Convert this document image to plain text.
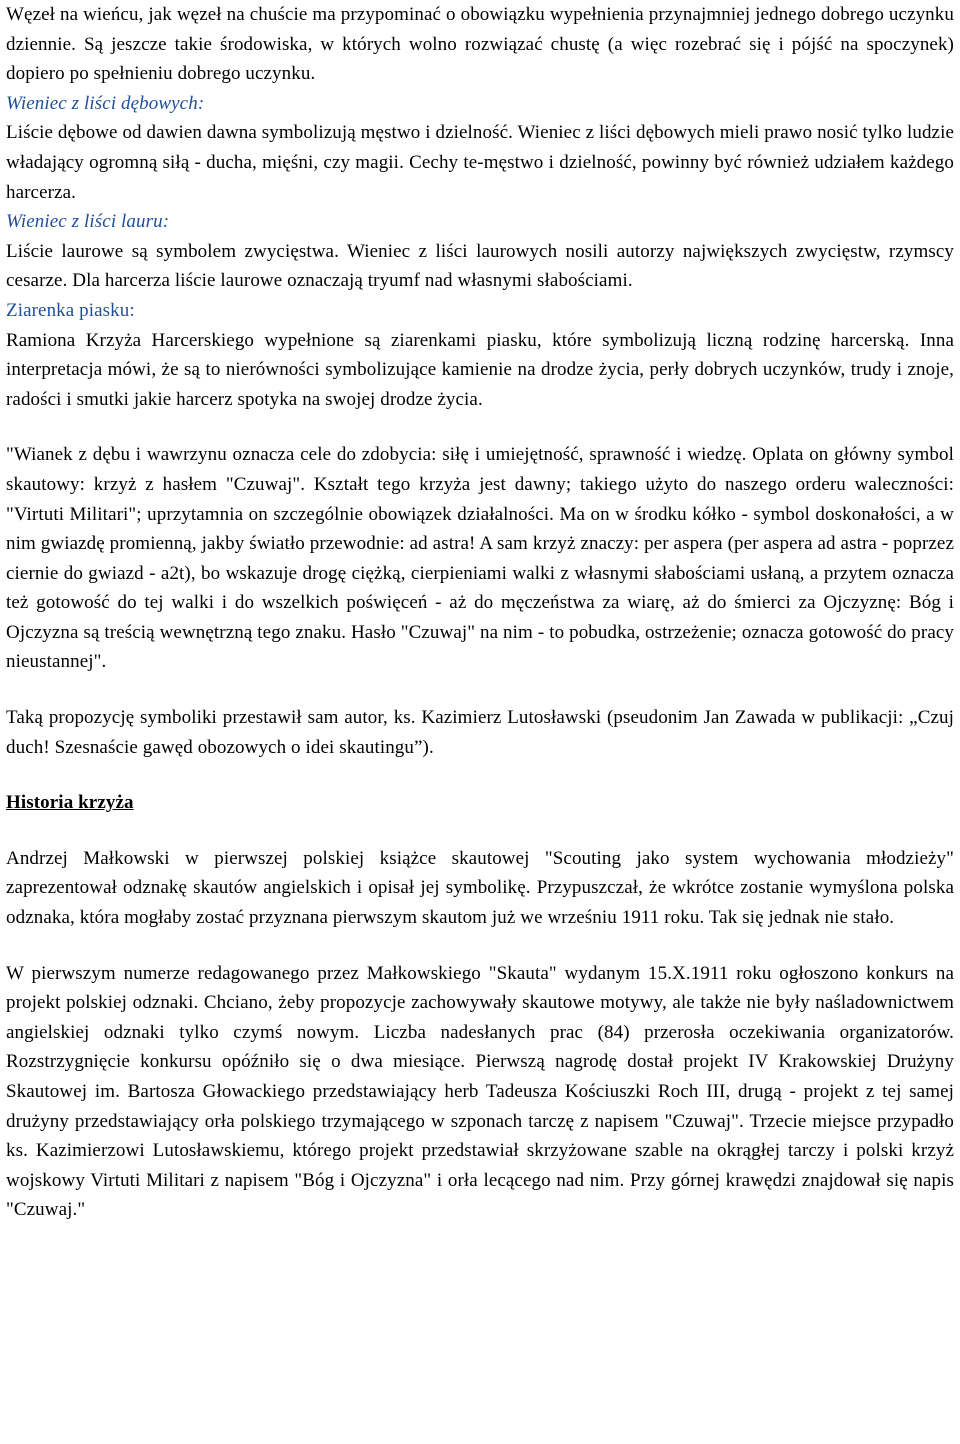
Węzeł na wieńcu, jak węzeł na chuście ma przypominać o obowiązku wypełnienia przynajmniej jednego dobrego uczynku dziennie. Są jeszcze takie środowiska, w których wolno rozwiązać chustę (a więc rozebrać się i pójść na spoczynek) dopiero po spełnieniu dobrego uczynku.

Wieniec z liści dębowych:

Liście dębowe od dawien dawna symbolizują męstwo i dzielność. Wieniec z liści dębowych mieli prawo nosić tylko ludzie władający ogromną siłą - ducha, mięśni, czy magii. Cechy te-męstwo i dzielność, powinny być również udziałem każdego harcerza.

Wieniec z liści lauru:

Liście laurowe są symbolem zwycięstwa. Wieniec z liści laurowych nosili autorzy największych zwycięstw, rzymscy cesarze. Dla harcerza liście laurowe oznaczają tryumf nad własnymi słabościami.

Ziarenka piasku:

Ramiona Krzyża Harcerskiego wypełnione są ziarenkami piasku, które symbolizują liczną rodzinę harcerską. Inna interpretacja mówi, że są to nierówności symbolizujące kamienie na drodze życia, perły dobrych uczynków, trudy i znoje, radości i smutki jakie harcerz spotyka na swojej drodze życia.

"Wianek z dębu i wawrzynu oznacza cele do zdobycia: siłę i umiejętność, sprawność i wiedzę. Oplata on główny symbol skautowy: krzyż z hasłem "Czuwaj". Kształt tego krzyża jest dawny; takiego użyto do naszego orderu waleczności: "Virtuti Militari"; uprzytamnia on szczególnie obowiązek działalności. Ma on w środku kółko - symbol doskonałości, a w nim gwiazdę promienną, jakby światło przewodnie: ad astra! A sam krzyż znaczy: per aspera (per aspera ad astra - poprzez ciernie do gwiazd - a2t), bo wskazuje drogę ciężką, cierpieniami walki z własnymi słabościami usłaną, a przytem oznacza też gotowość do tej walki i do wszelkich poświęceń - aż do męczeństwa za wiarę, aż do śmierci za Ojczyznę: Bóg i Ojczyzna są treścią wewnętrzną tego znaku. Hasło "Czuwaj" na nim - to pobudka, ostrzeżenie; oznacza gotowość do pracy nieustannej".

Taką propozycję symboliki przestawił sam autor, ks. Kazimierz Lutosławski (pseudonim Jan Zawada w publikacji: „Czuj duch! Szesnaście gawęd obozowych o idei skautingu”).

Historia krzyża

Andrzej Małkowski w pierwszej polskiej książce skautowej "Scouting jako system wychowania młodzieży" zaprezentował odznakę skautów angielskich i opisał jej symbolikę. Przypuszczał, że wkrótce zostanie wymyślona polska odznaka, która mogłaby zostać przyznana pierwszym skautom już we wrześniu 1911 roku. Tak się jednak nie stało.

W pierwszym numerze redagowanego przez Małkowskiego "Skauta" wydanym 15.X.1911 roku ogłoszono konkurs na projekt polskiej odznaki. Chciano, żeby propozycje zachowywały skautowe motywy, ale także nie były naśladownictwem angielskiej odznaki tylko czymś nowym. Liczba nadesłanych prac (84) przerosła oczekiwania organizatorów. Rozstrzygnięcie konkursu opóźniło się o dwa miesiące. Pierwszą nagrodę dostał projekt IV Krakowskiej Drużyny Skautowej im. Bartosza Głowackiego przedstawiający herb Tadeusza Kościuszki Roch III, drugą - projekt z tej samej drużyny przedstawiający orła polskiego trzymającego w szponach tarczę z napisem "Czuwaj". Trzecie miejsce przypadło ks. Kazimierzowi Lutosławskiemu, którego projekt przedstawiał skrzyżowane szable na okrągłej tarczy i polski krzyż wojskowy Virtuti Militari z napisem "Bóg i Ojczyzna" i orła lecącego nad nim. Przy górnej krawędzi znajdował się napis "Czuwaj."
